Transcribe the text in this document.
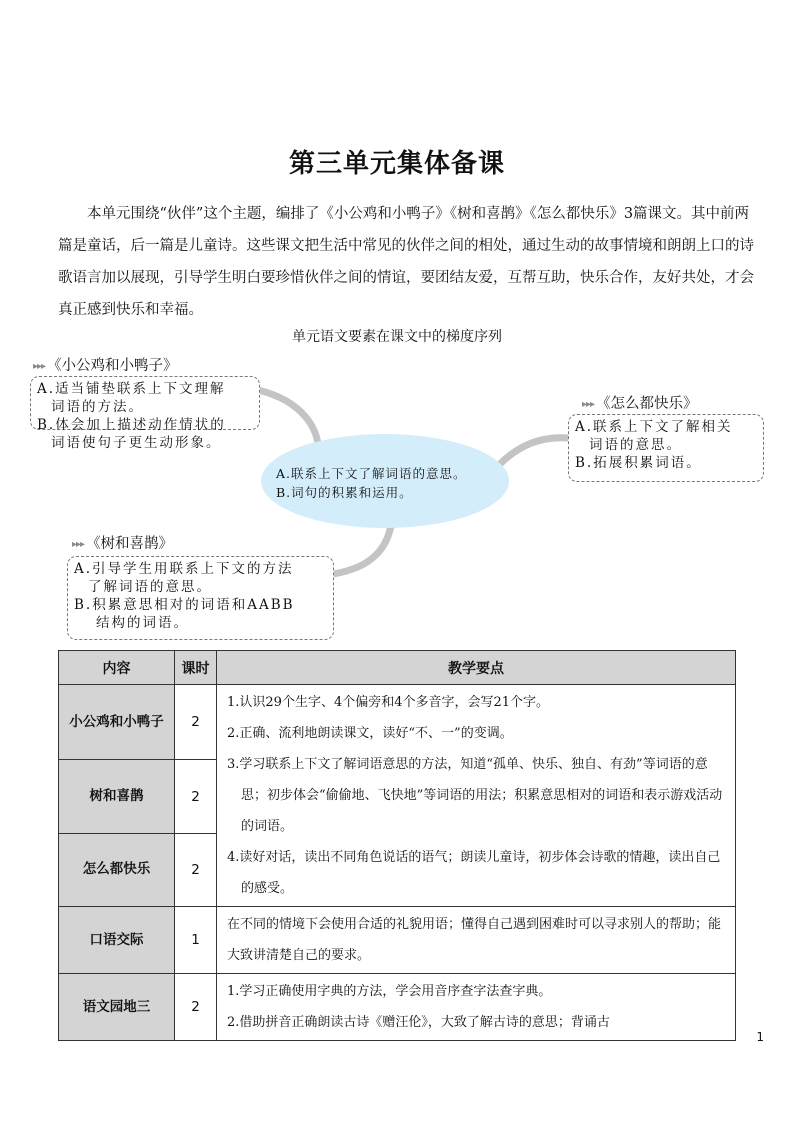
第三单元集体备课
本单元围绕“伙伴”这个主题，编排了《小公鸡和小鸭子》《树和喜鹊》《怎么都快乐》3篇课文。其中前两篇是童话，后一篇是儿童诗。这些课文把生活中常见的伙伴之间的相处，通过生动的故事情境和朗朗上口的诗歌语言加以展现，引导学生明白要珍惜伙伴之间的情谊，要团结友爱，互帮互助，快乐合作，友好共处，才会真正感到快乐和幸福。
单元语文要素在课文中的梯度序列
A.联系上下文了解词语的意思。
B.词句的积累和运用。
▸▸▸ 《小公鸡和小鸭子》
A.适当铺垫联系上下文理解
词语的方法。
B.体会加上描述动作情状的
词语使句子更生动形象。
▸▸▸ 《怎么都快乐》
A.联系上下文了解相关
词语的意思。
B.拓展积累词语。
▸▸▸ 《树和喜鹊》
A.引导学生用联系上下文的方法
了解词语的意思。
B.积累意思相对的词语和AABB
结构的词语。
内容	课时	教学要点
小公鸡和小鸭子	2	1.认识29个生字、4个偏旁和4个多音字，会写21个字。
2.正确、流利地朗读课文，读好“不、一”的变调。
3.学习联系上下文了解词语意思的方法，知道“孤单、快乐、独自、有劲”等词语的意思；初步体会“偷偷地、飞快地”等词语的用法；积累意思相对的词语和表示游戏活动的词语。
4.读好对话，读出不同角色说话的语气；朗读儿童诗，初步体会诗歌的情趣，读出自己的感受。

树和喜鹊	2	
怎么都快乐	2	
口语交际	1	在不同的情境下会使用合适的礼貌用语；懂得自己遇到困难时可以寻求别人的帮助；能大致讲清楚自己的要求。

语文园地三	2	1.学习正确使用字典的方法，学会用音序查字法查字典。
2.借助拼音正确朗读古诗《赠汪伦》，大致了解古诗的意思；背诵古
1
